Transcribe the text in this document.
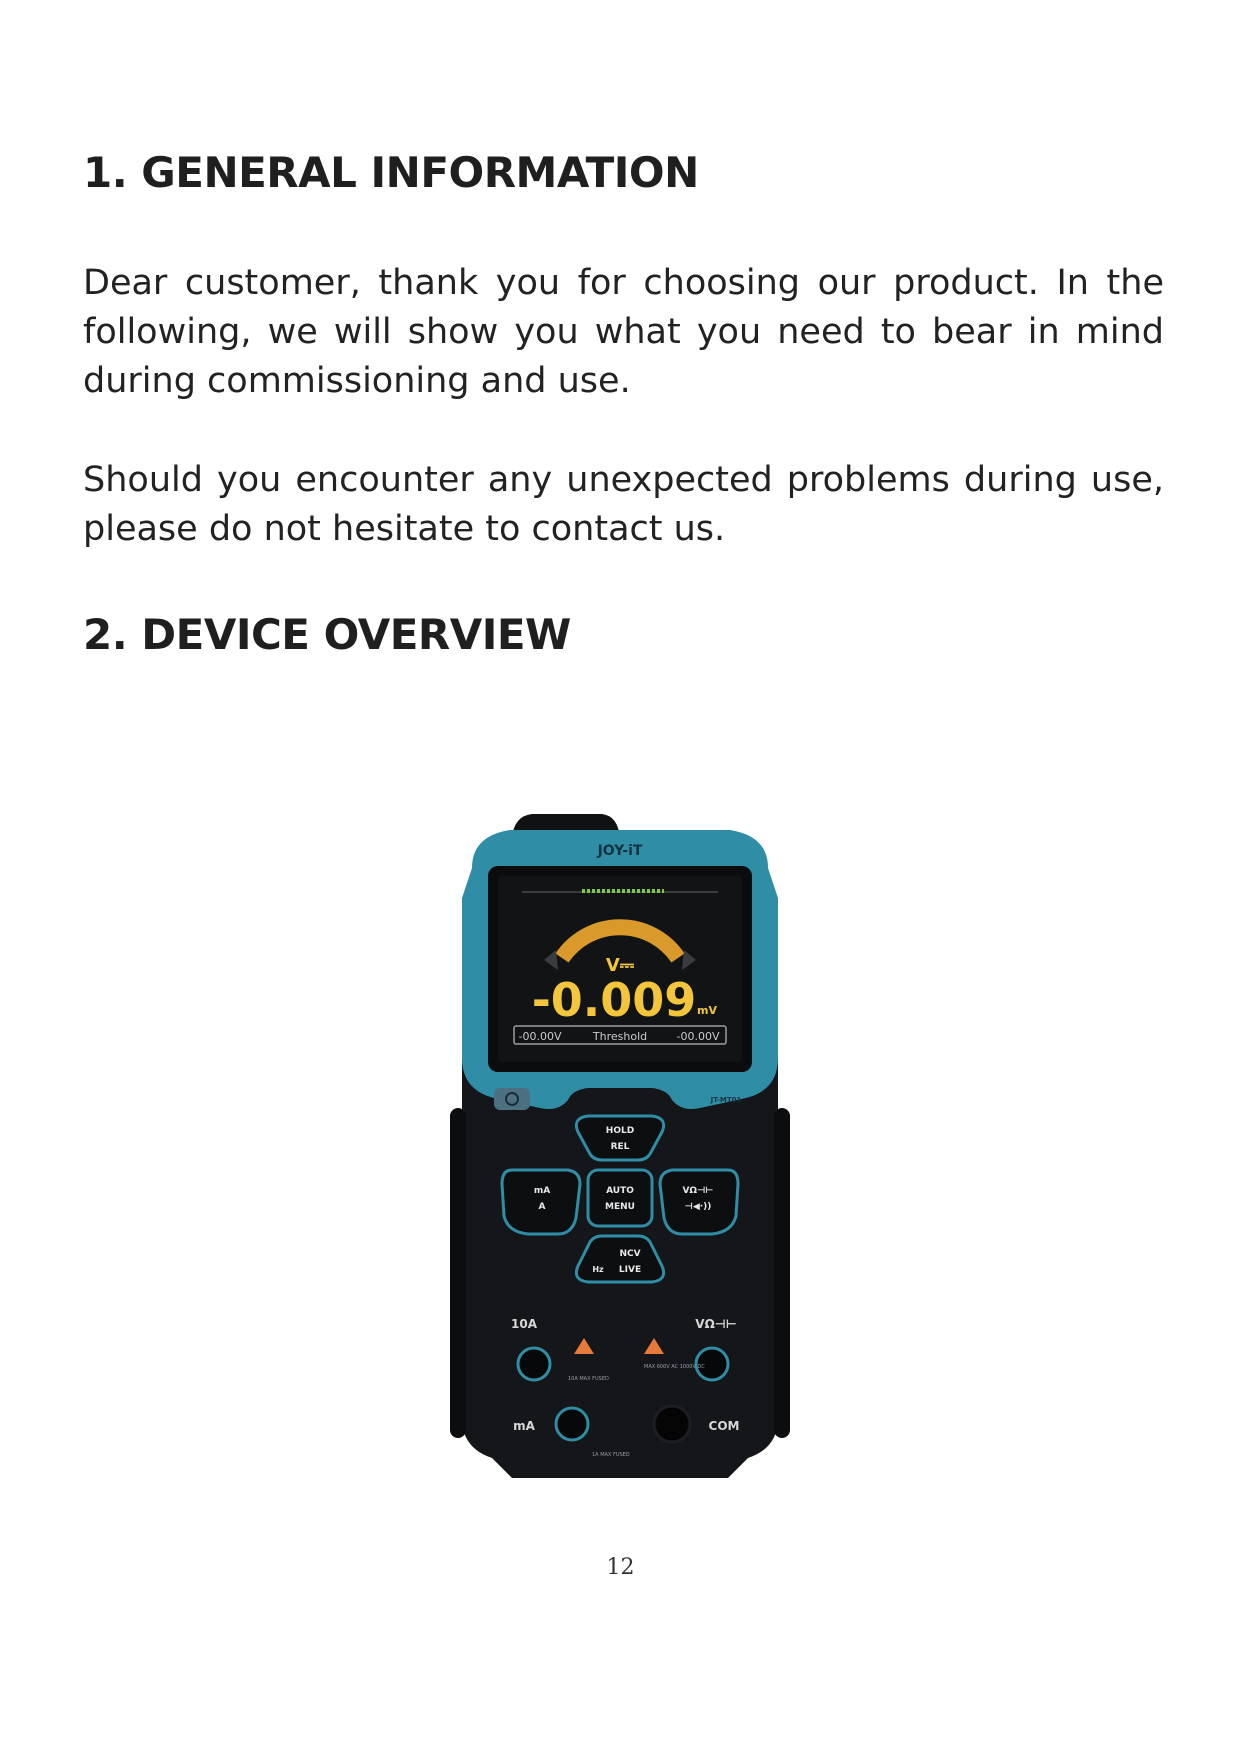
1. GENERAL INFORMATION

Dear customer, thank you for choosing our product. In the following, we will show you what you need to bear in mind during commissioning and use.

Should you encounter any unexpected problems during use, please do not hesitate to contact us.

2. DEVICE OVERVIEW
JOY-iT
V⎓
-0.009 mV
-00.00V	Threshold	-00.00V
JT-MT01
HOLD
REL
AUTO
MENU
mA
A
VΩ⊣⊢
⊣◀·))
Hz
NCV
LIVE
10A	VΩ⊣⊢
mA	COM
10A MAX FUSED
MAX 600V AC 1000V DC
1A MAX FUSED
12
